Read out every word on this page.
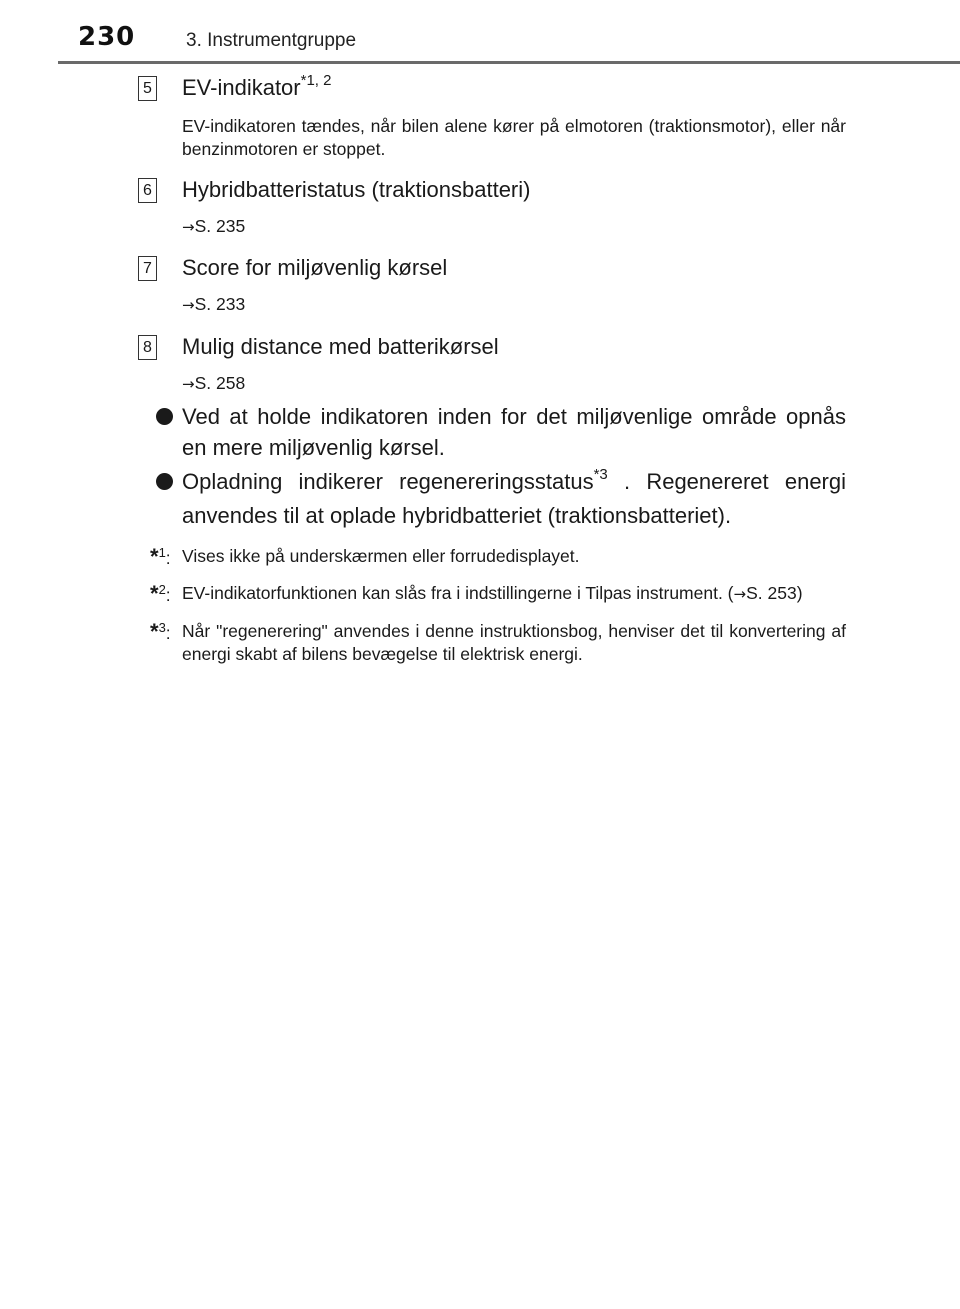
230	3. Instrumentgruppe
5 EV-indikator$^{*1, 2}$
EV-indikatoren tændes, når bilen alene kører på elmotoren (traktionsmotor), eller når benzinmotoren er stoppet.
6 Hybridbatteristatus (traktionsbatteri)
→S. 235
7 Score for miljøvenlig kørsel
→S. 233
8 Mulig distance med batterikørsel
→S. 258
Ved at holde indikatoren inden for det miljøvenlige område opnås en mere miljøvenlig kørsel.
Opladning indikerer regenereringsstatus$^{*3}$ . Regenereret energi anvendes til at oplade hybridbatteriet (traktionsbatteriet).
*$^1$: Vises ikke på underskærmen eller forrudedisplayet.
*$^2$: EV-indikatorfunktionen kan slås fra i indstillingerne i Tilpas instrument. (→S. 253)
*$^3$: Når "regenerering" anvendes i denne instruktionsbog, henviser det til konvertering af energi skabt af bilens bevægelse til elektrisk energi.
